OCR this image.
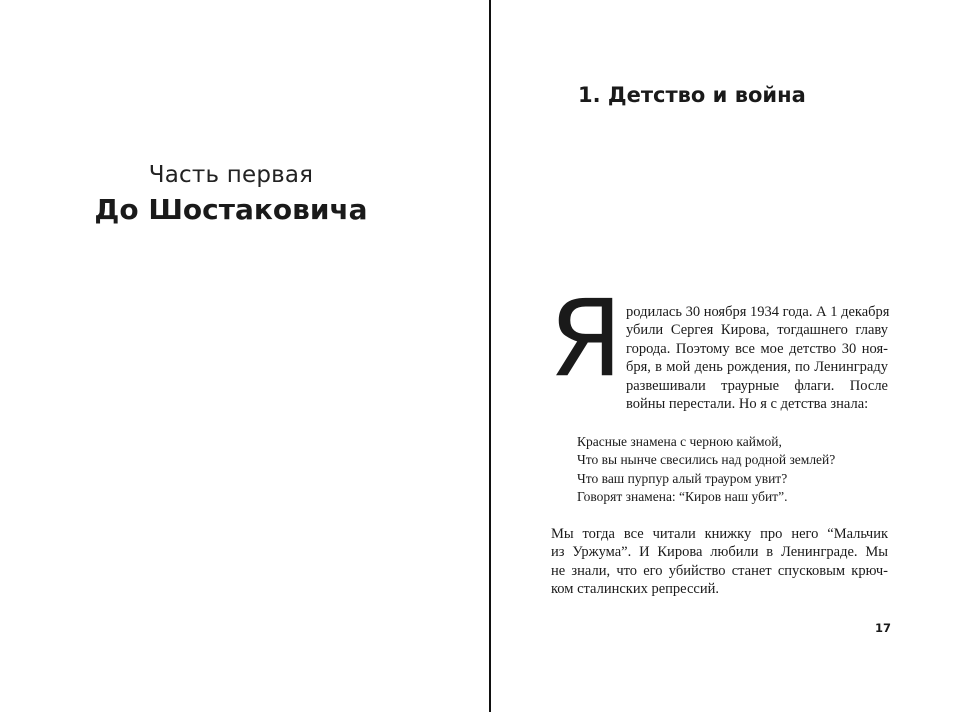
Часть первая
До Шостаковича
1. Детство и война
Я родилась 30 ноября 1934 года. А 1 декабря
убили Сергея Кирова, тогдашнего главу
города. Поэтому все мое детство 30 ноя-
бря, в мой день рождения, по Ленинграду
развешивали траурные флаги. После
войны перестали. Но я с детства знала:
Красные знамена с черною каймой,
Что вы нынче свесились над родной землей?
Что ваш пурпур алый трауром увит?
Говорят знамена: “Киров наш убит”.
Мы тогда все читали книжку про него “Мальчик
из Уржума”. И Кирова любили в Ленинграде. Мы
не знали, что его убийство станет спусковым крюч-
ком сталинских репрессий.
17
